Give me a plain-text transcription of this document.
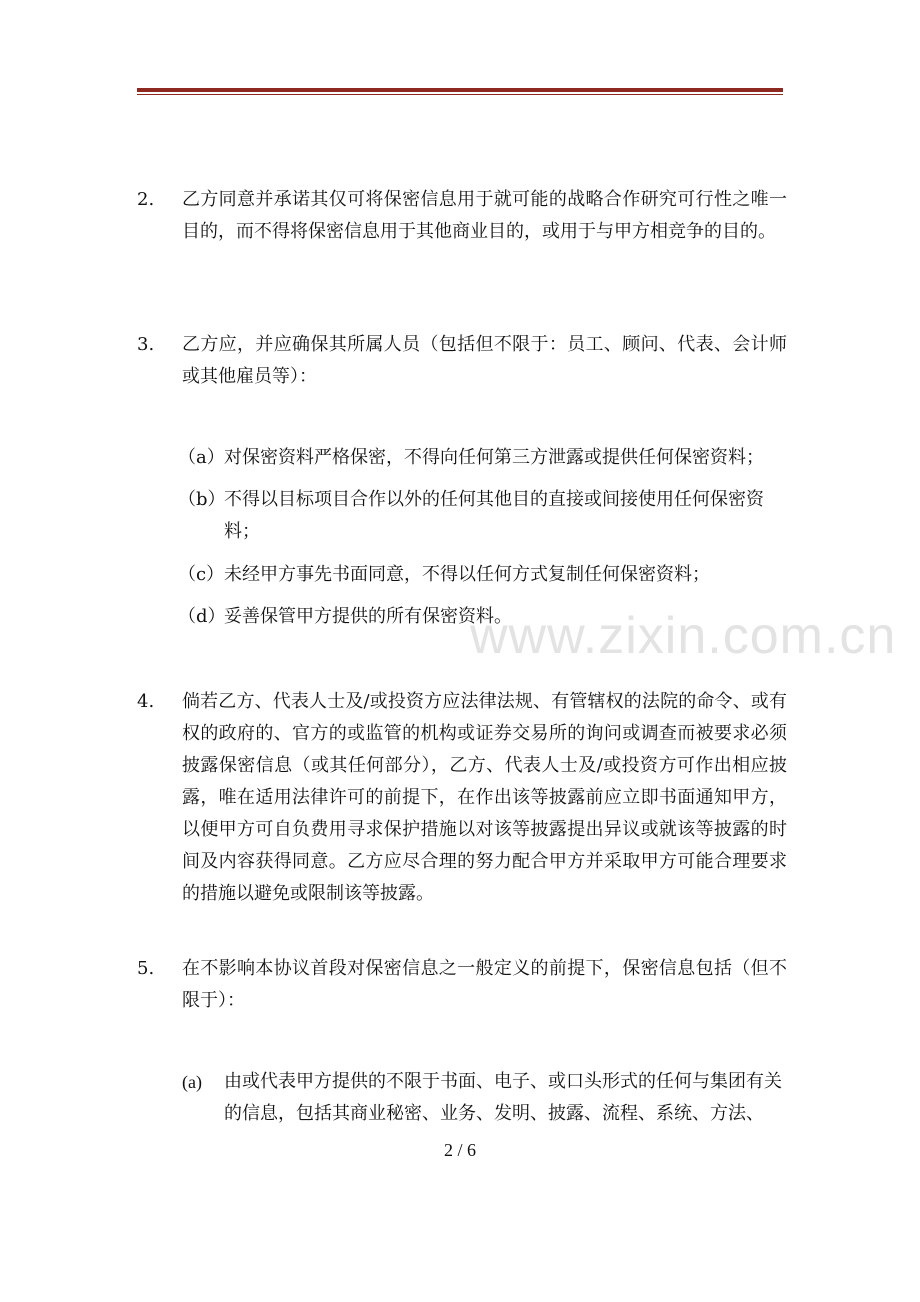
2.	乙方同意并承诺其仅可将保密信息用于就可能的战略合作研究可行性之唯一目的，而不得将保密信息用于其他商业目的，或用于与甲方相竞争的目的。
3.	乙方应，并应确保其所属人员（包括但不限于：员工、顾问、代表、会计师或其他雇员等）：
（a） 对保密资料严格保密，不得向任何第三方泄露或提供任何保密资料；
（b）
不得以目标项目合作以外的任何其他目的直接或间接使用任何保密资料；
（c） 未经甲方事先书面同意，不得以任何方式复制任何保密资料；
（d）
妥善保管甲方提供的所有保密资料。
www.zixin.com.cn
4.	倘若乙方、代表人士及/或投资方应法律法规、有管辖权的法院的命令、或有权的政府的、官方的或监管的机构或证券交易所的询问或调查而被要求必须披露保密信息（或其任何部分），乙方、代表人士及/或投资方可作出相应披露，唯在适用法律许可的前提下，在作出该等披露前应立即书面通知甲方，以便甲方可自负费用寻求保护措施以对该等披露提出异议或就该等披露的时间及内容获得同意。乙方应尽合理的努力配合甲方并采取甲方可能合理要求的措施以避免或限制该等披露。
5.	在不影响本协议首段对保密信息之一般定义的前提下，保密信息包括（但不限于）：
(a) 由或代表甲方提供的不限于书面、电子、或口头形式的任何与集团有关的信息，包括其商业秘密、业务、发明、披露、流程、系统、方法、
2 / 6
